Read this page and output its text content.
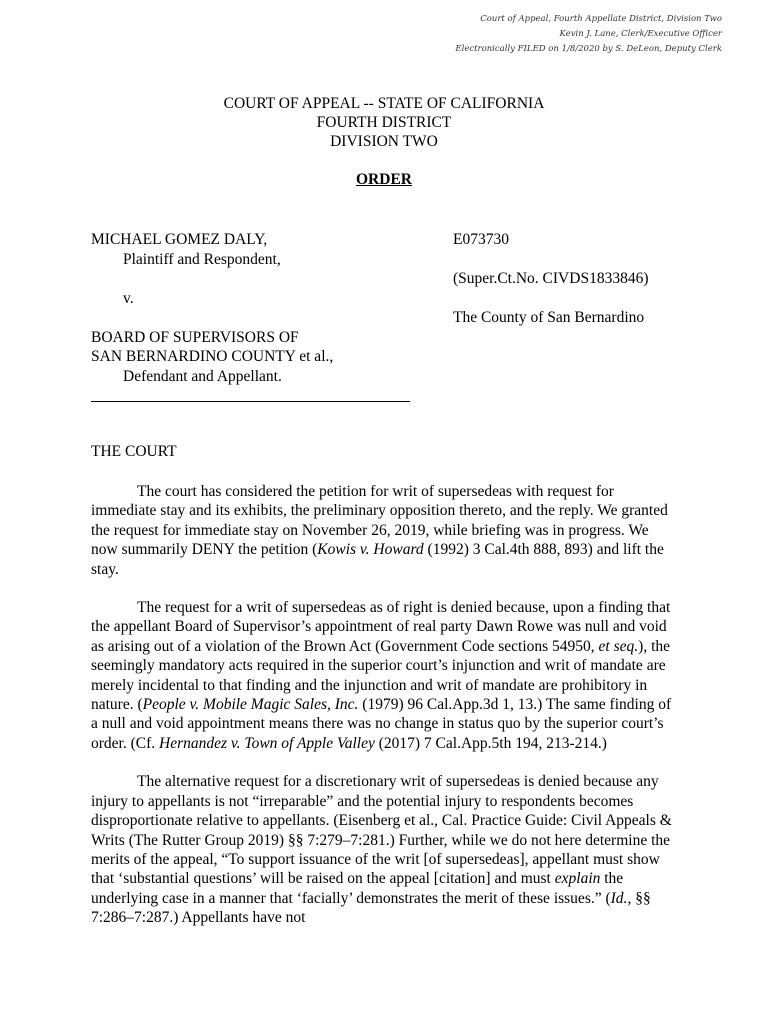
Court of Appeal, Fourth Appellate District, Division Two
Kevin J. Lane, Clerk/Executive Officer
Electronically FILED on 1/8/2020 by S. DeLeon, Deputy Clerk
COURT OF APPEAL -- STATE OF CALIFORNIA
FOURTH DISTRICT
DIVISION TWO
ORDER
MICHAEL GOMEZ DALY,
Plaintiff and Respondent,
v.
BOARD OF SUPERVISORS OF
SAN BERNARDINO COUNTY et al.,
Defendant and Appellant.
E073730
(Super.Ct.No. CIVDS1833846)
The County of San Bernardino
THE COURT

The court has considered the petition for writ of supersedeas with request for immediate stay and its exhibits, the preliminary opposition thereto, and the reply. We granted the request for immediate stay on November 26, 2019, while briefing was in progress. We now summarily DENY the petition (Kowis v. Howard (1992) 3 Cal.4th 888, 893) and lift the stay.

The request for a writ of supersedeas as of right is denied because, upon a finding that the appellant Board of Supervisor’s appointment of real party Dawn Rowe was null and void as arising out of a violation of the Brown Act (Government Code sections 54950, et seq.), the seemingly mandatory acts required in the superior court’s injunction and writ of mandate are merely incidental to that finding and the injunction and writ of mandate are prohibitory in nature. (People v. Mobile Magic Sales, Inc. (1979) 96 Cal.App.3d 1, 13.) The same finding of a null and void appointment means there was no change in status quo by the superior court’s order. (Cf. Hernandez v. Town of Apple Valley (2017) 7 Cal.App.5th 194, 213-214.)

The alternative request for a discretionary writ of supersedeas is denied because any injury to appellants is not “irreparable” and the potential injury to respondents becomes disproportionate relative to appellants. (Eisenberg et al., Cal. Practice Guide: Civil Appeals & Writs (The Rutter Group 2019) §§ 7:279–7:281.) Further, while we do not here determine the merits of the appeal, “To support issuance of the writ [of supersedeas], appellant must show that ‘substantial questions’ will be raised on the appeal [citation] and must explain the underlying case in a manner that ‘facially’ demonstrates the merit of these issues.” (Id., §§ 7:286–7:287.) Appellants have not
